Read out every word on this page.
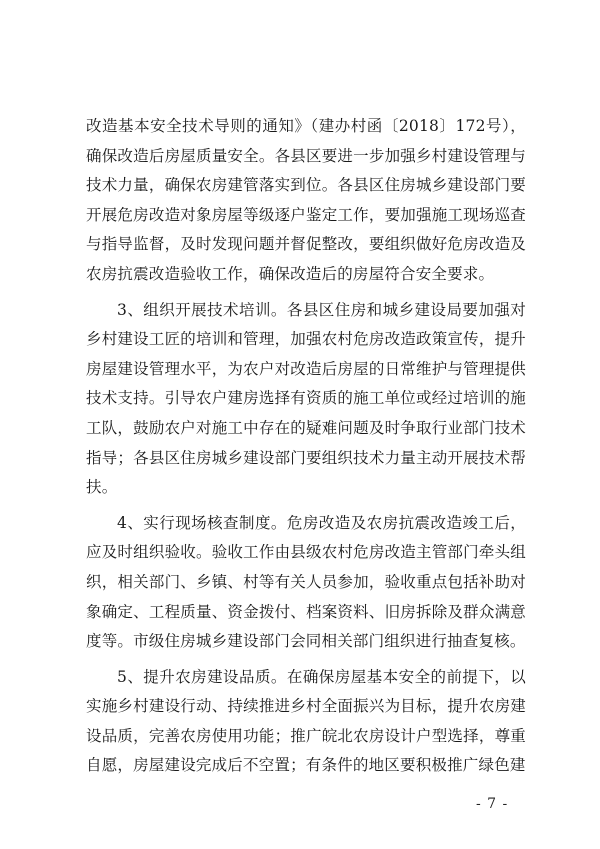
改造基本安全技术导则的通知》（建办村函〔2018〕172号），确保改造后房屋质量安全。各县区要进一步加强乡村建设管理与技术力量，确保农房建管落实到位。各县区住房城乡建设部门要开展危房改造对象房屋等级逐户鉴定工作，要加强施工现场巡查与指导监督，及时发现问题并督促整改，要组织做好危房改造及农房抗震改造验收工作，确保改造后的房屋符合安全要求。

3、组织开展技术培训。各县区住房和城乡建设局要加强对乡村建设工匠的培训和管理，加强农村危房改造政策宣传，提升房屋建设管理水平，为农户对改造后房屋的日常维护与管理提供技术支持。引导农户建房选择有资质的施工单位或经过培训的施工队，鼓励农户对施工中存在的疑难问题及时争取行业部门技术指导；各县区住房城乡建设部门要组织技术力量主动开展技术帮扶。

4、实行现场核查制度。危房改造及农房抗震改造竣工后，应及时组织验收。验收工作由县级农村危房改造主管部门牵头组织，相关部门、乡镇、村等有关人员参加，验收重点包括补助对象确定、工程质量、资金拨付、档案资料、旧房拆除及群众满意度等。市级住房城乡建设部门会同相关部门组织进行抽查复核。

5、提升农房建设品质。在确保房屋基本安全的前提下，以实施乡村建设行动、持续推进乡村全面振兴为目标，提升农房建设品质，完善农房使用功能；推广皖北农房设计户型选择，尊重自愿，房屋建设完成后不空置；有条件的地区要积极推广绿色建

- 7 -
